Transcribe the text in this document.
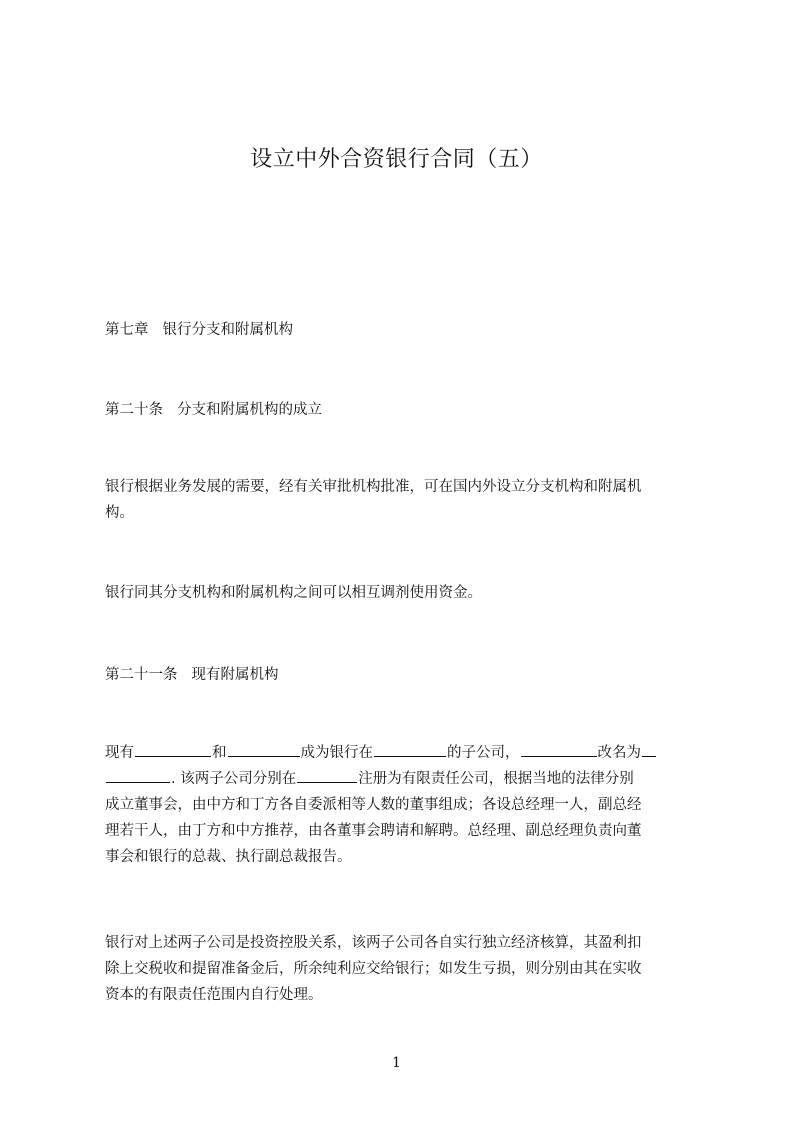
设立中外合资银行合同（五）
第七章 银行分支和附属机构
第二十条 分支和附属机构的成立
银行根据业务发展的需要，经有关审批机构批准，可在国内外设立分支机构和附属机
构。
银行同其分支机构和附属机构之间可以相互调剂使用资金。
第二十一条 现有附属机构
现有	和	成为银行在	的子公司，	改名为
. 该两子公司分别在	注册为有限责任公司，根据当地的法律分别
成立董事会，由中方和丁方各自委派相等人数的董事组成；各设总经理一人，副总经
理若干人，由丁方和中方推荐，由各董事会聘请和解聘。总经理、副总经理负责向董
事会和银行的总裁、执行副总裁报告。
银行对上述两子公司是投资控股关系，该两子公司各自实行独立经济核算，其盈利扣
除上交税收和提留准备金后，所余纯利应交给银行；如发生亏损，则分别由其在实收
资本的有限责任范围内自行处理。
1
